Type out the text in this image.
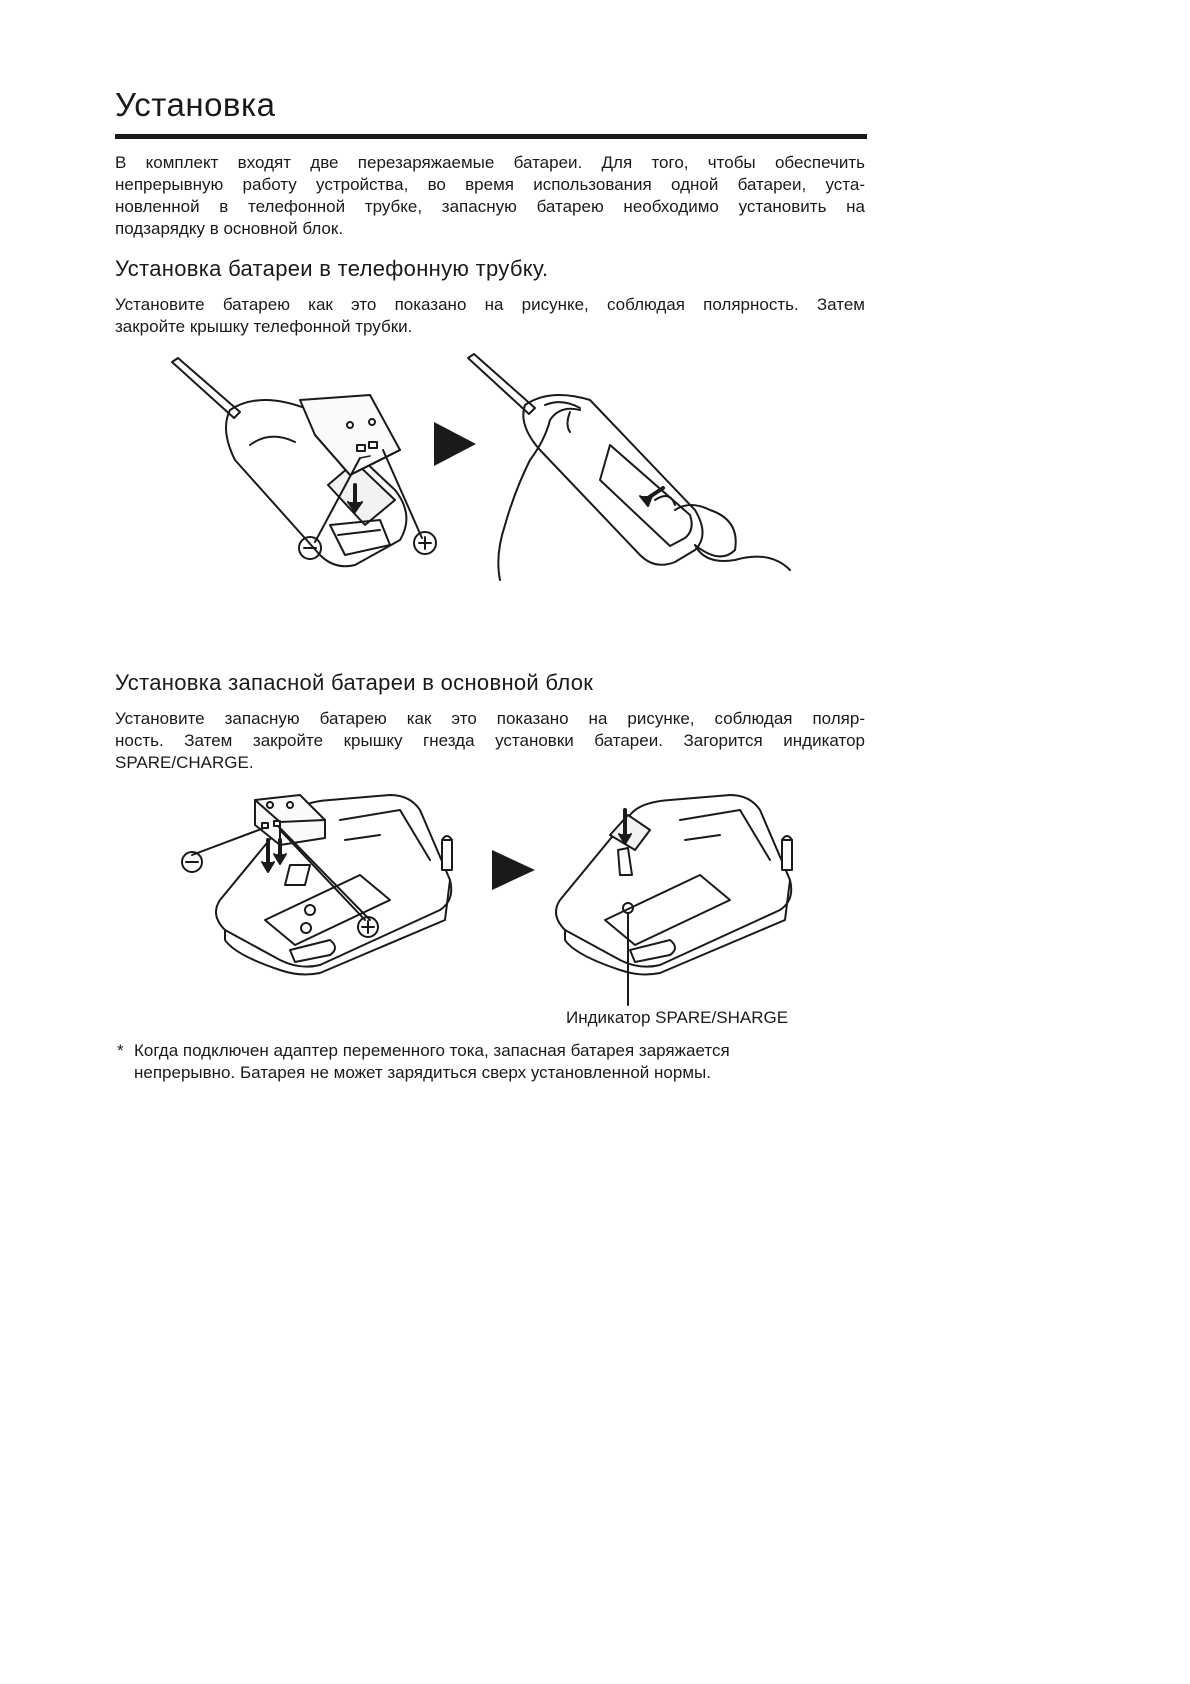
Установка
В комплект входят две перезаряжаемые батареи. Для того, чтобы обеспечить
непрерывную работу устройства, во время использования одной батареи, уста-
новленной в телефонной трубке, запасную батарею необходимо установить на
подзарядку в основной блок.
Установка батареи в телефонную трубку.
Установите батарею как это показано на рисунке, соблюдая полярность. Затем
закройте крышку телефонной трубки.
Установка запасной батареи в основной блок
Установите запасную батарею как это показано на рисунке, соблюдая поляр-
ность. Затем закройте крышку гнезда установки батареи. Загорится индикатор
SPARE/CHARGE.
Индикатор SPARE/SHARGE
* Когда подключен адаптер переменного тока, запасная батарея заряжается
непрерывно. Батарея не может зарядиться сверх установленной нормы.
